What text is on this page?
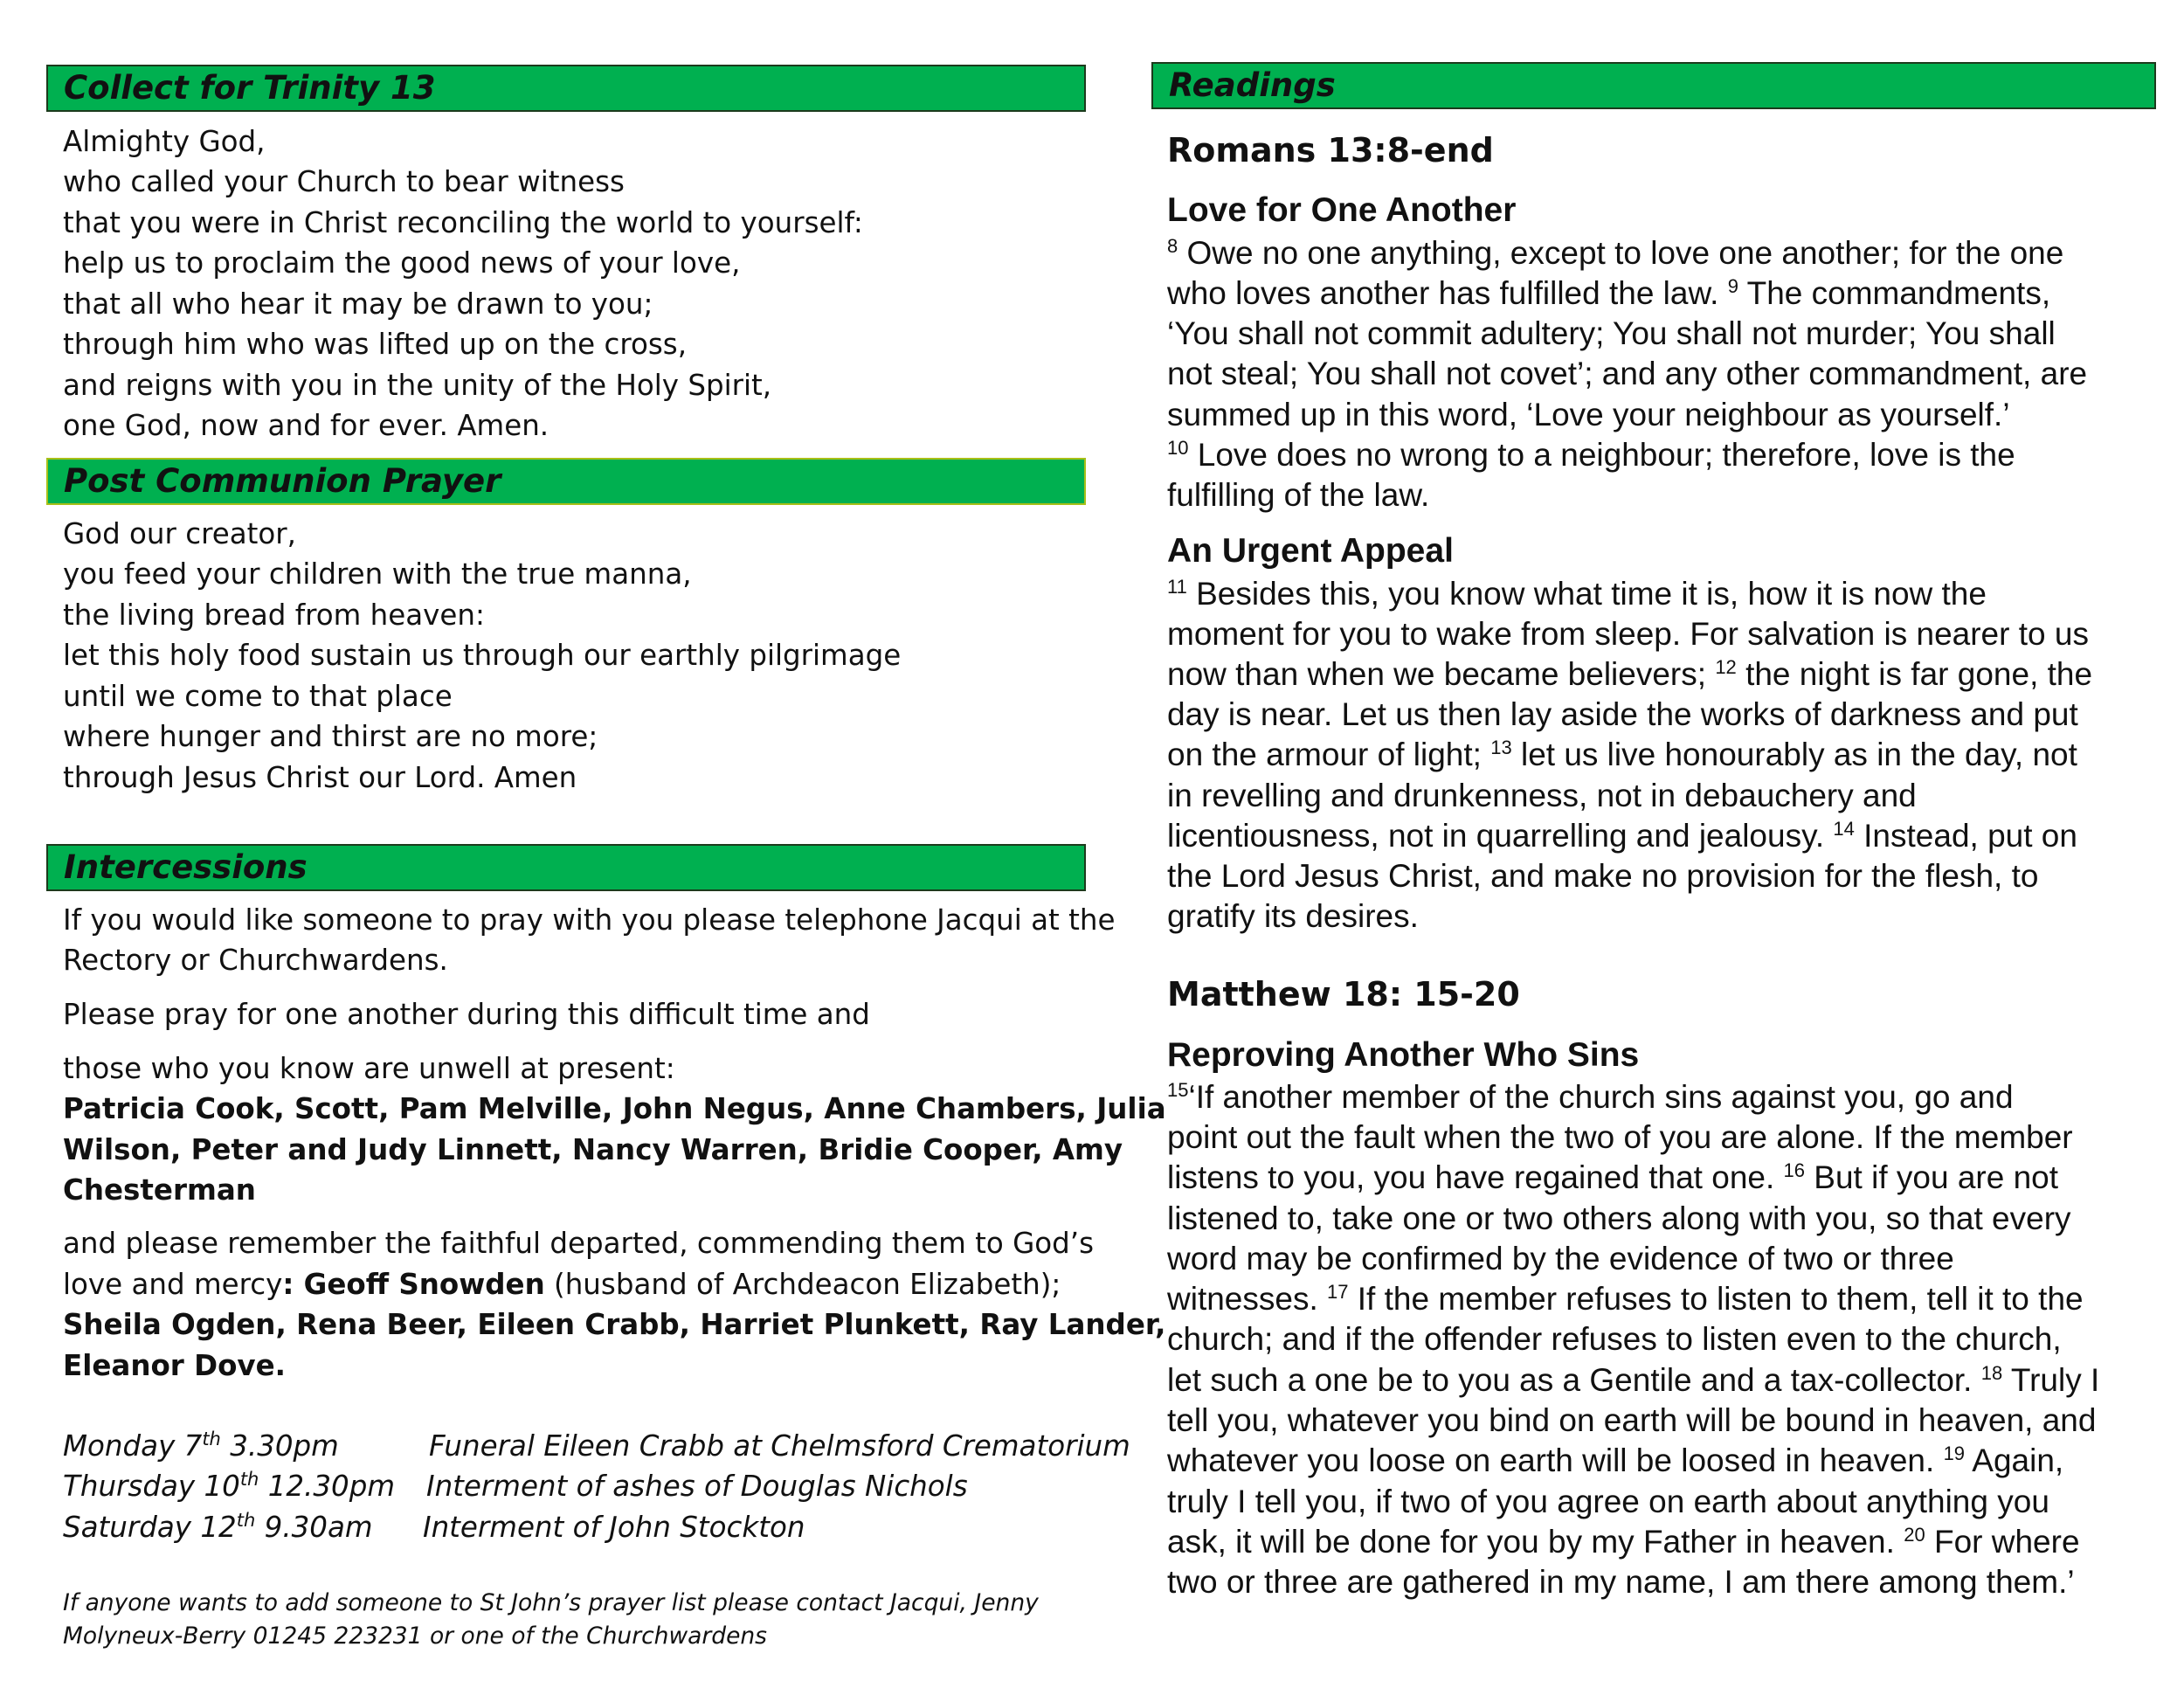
Collect for Trinity 13
Almighty God,
who called your Church to bear witness
that you were in Christ reconciling the world to yourself:
help us to proclaim the good news of your love,
that all who hear it may be drawn to you;
through him who was lifted up on the cross,
and reigns with you in the unity of the Holy Spirit,
one God, now and for ever. Amen.
Post Communion Prayer
God our creator,
you feed your children with the true manna,
the living bread from heaven:
let this holy food sustain us through our earthly pilgrimage
until we come to that place
where hunger and thirst are no more;
through Jesus Christ our Lord. Amen
Intercessions
If you would like someone to pray with you please telephone Jacqui at the
Rectory or Churchwardens.
Please pray for one another during this difficult time and
those who you know are unwell at present:
Patricia Cook, Scott, Pam Melville, John Negus, Anne Chambers, Julia
Wilson, Peter and Judy Linnett, Nancy Warren, Bridie Cooper, Amy
Chesterman
and please remember the faithful departed, commending them to God’s
love and mercy: Geoff Snowden (husband of Archdeacon Elizabeth);
Sheila Ogden, Rena Beer, Eileen Crabb, Harriet Plunkett, Ray Lander,
Eleanor Dove.
Monday 7th 3.30pm	Funeral Eileen Crabb at Chelmsford Crematorium
Thursday 10th 12.30pm Interment of ashes of Douglas Nichols
Saturday 12th 9.30am Interment of John Stockton
If anyone wants to add someone to St John’s prayer list please contact Jacqui, Jenny
Molyneux-Berry 01245 223231 or one of the Churchwardens
Readings
Romans 13:8-end
Love for One Another
$^8$ Owe no one anything, except to love one another; for the one
who loves another has fulfilled the law. $^9$ The commandments,
‘You shall not commit adultery; You shall not murder; You shall
not steal; You shall not covet’; and any other commandment, are
summed up in this word, ‘Love your neighbour as yourself.’
$^{10}$ Love does no wrong to a neighbour; therefore, love is the
fulfilling of the law.
An Urgent Appeal
$^{11}$ Besides this, you know what time it is, how it is now the
moment for you to wake from sleep. For salvation is nearer to us
now than when we became believers; $^{12}$ the night is far gone, the
day is near. Let us then lay aside the works of darkness and put
on the armour of light; $^{13}$ let us live honourably as in the day, not
in revelling and drunkenness, not in debauchery and
licentiousness, not in quarrelling and jealousy. $^{14}$ Instead, put on
the Lord Jesus Christ, and make no provision for the flesh, to
gratify its desires.
Matthew 18: 15-20
Reproving Another Who Sins
$^{15}$‘If another member of the church sins against you, go and
point out the fault when the two of you are alone. If the member
listens to you, you have regained that one. $^{16}$ But if you are not
listened to, take one or two others along with you, so that every
word may be confirmed by the evidence of two or three
witnesses. $^{17}$ If the member refuses to listen to them, tell it to the
church; and if the offender refuses to listen even to the church,
let such a one be to you as a Gentile and a tax-collector. $^{18}$ Truly I
tell you, whatever you bind on earth will be bound in heaven, and
whatever you loose on earth will be loosed in heaven. $^{19}$ Again,
truly I tell you, if two of you agree on earth about anything you
ask, it will be done for you by my Father in heaven. $^{20}$ For where
two or three are gathered in my name, I am there among them.’
